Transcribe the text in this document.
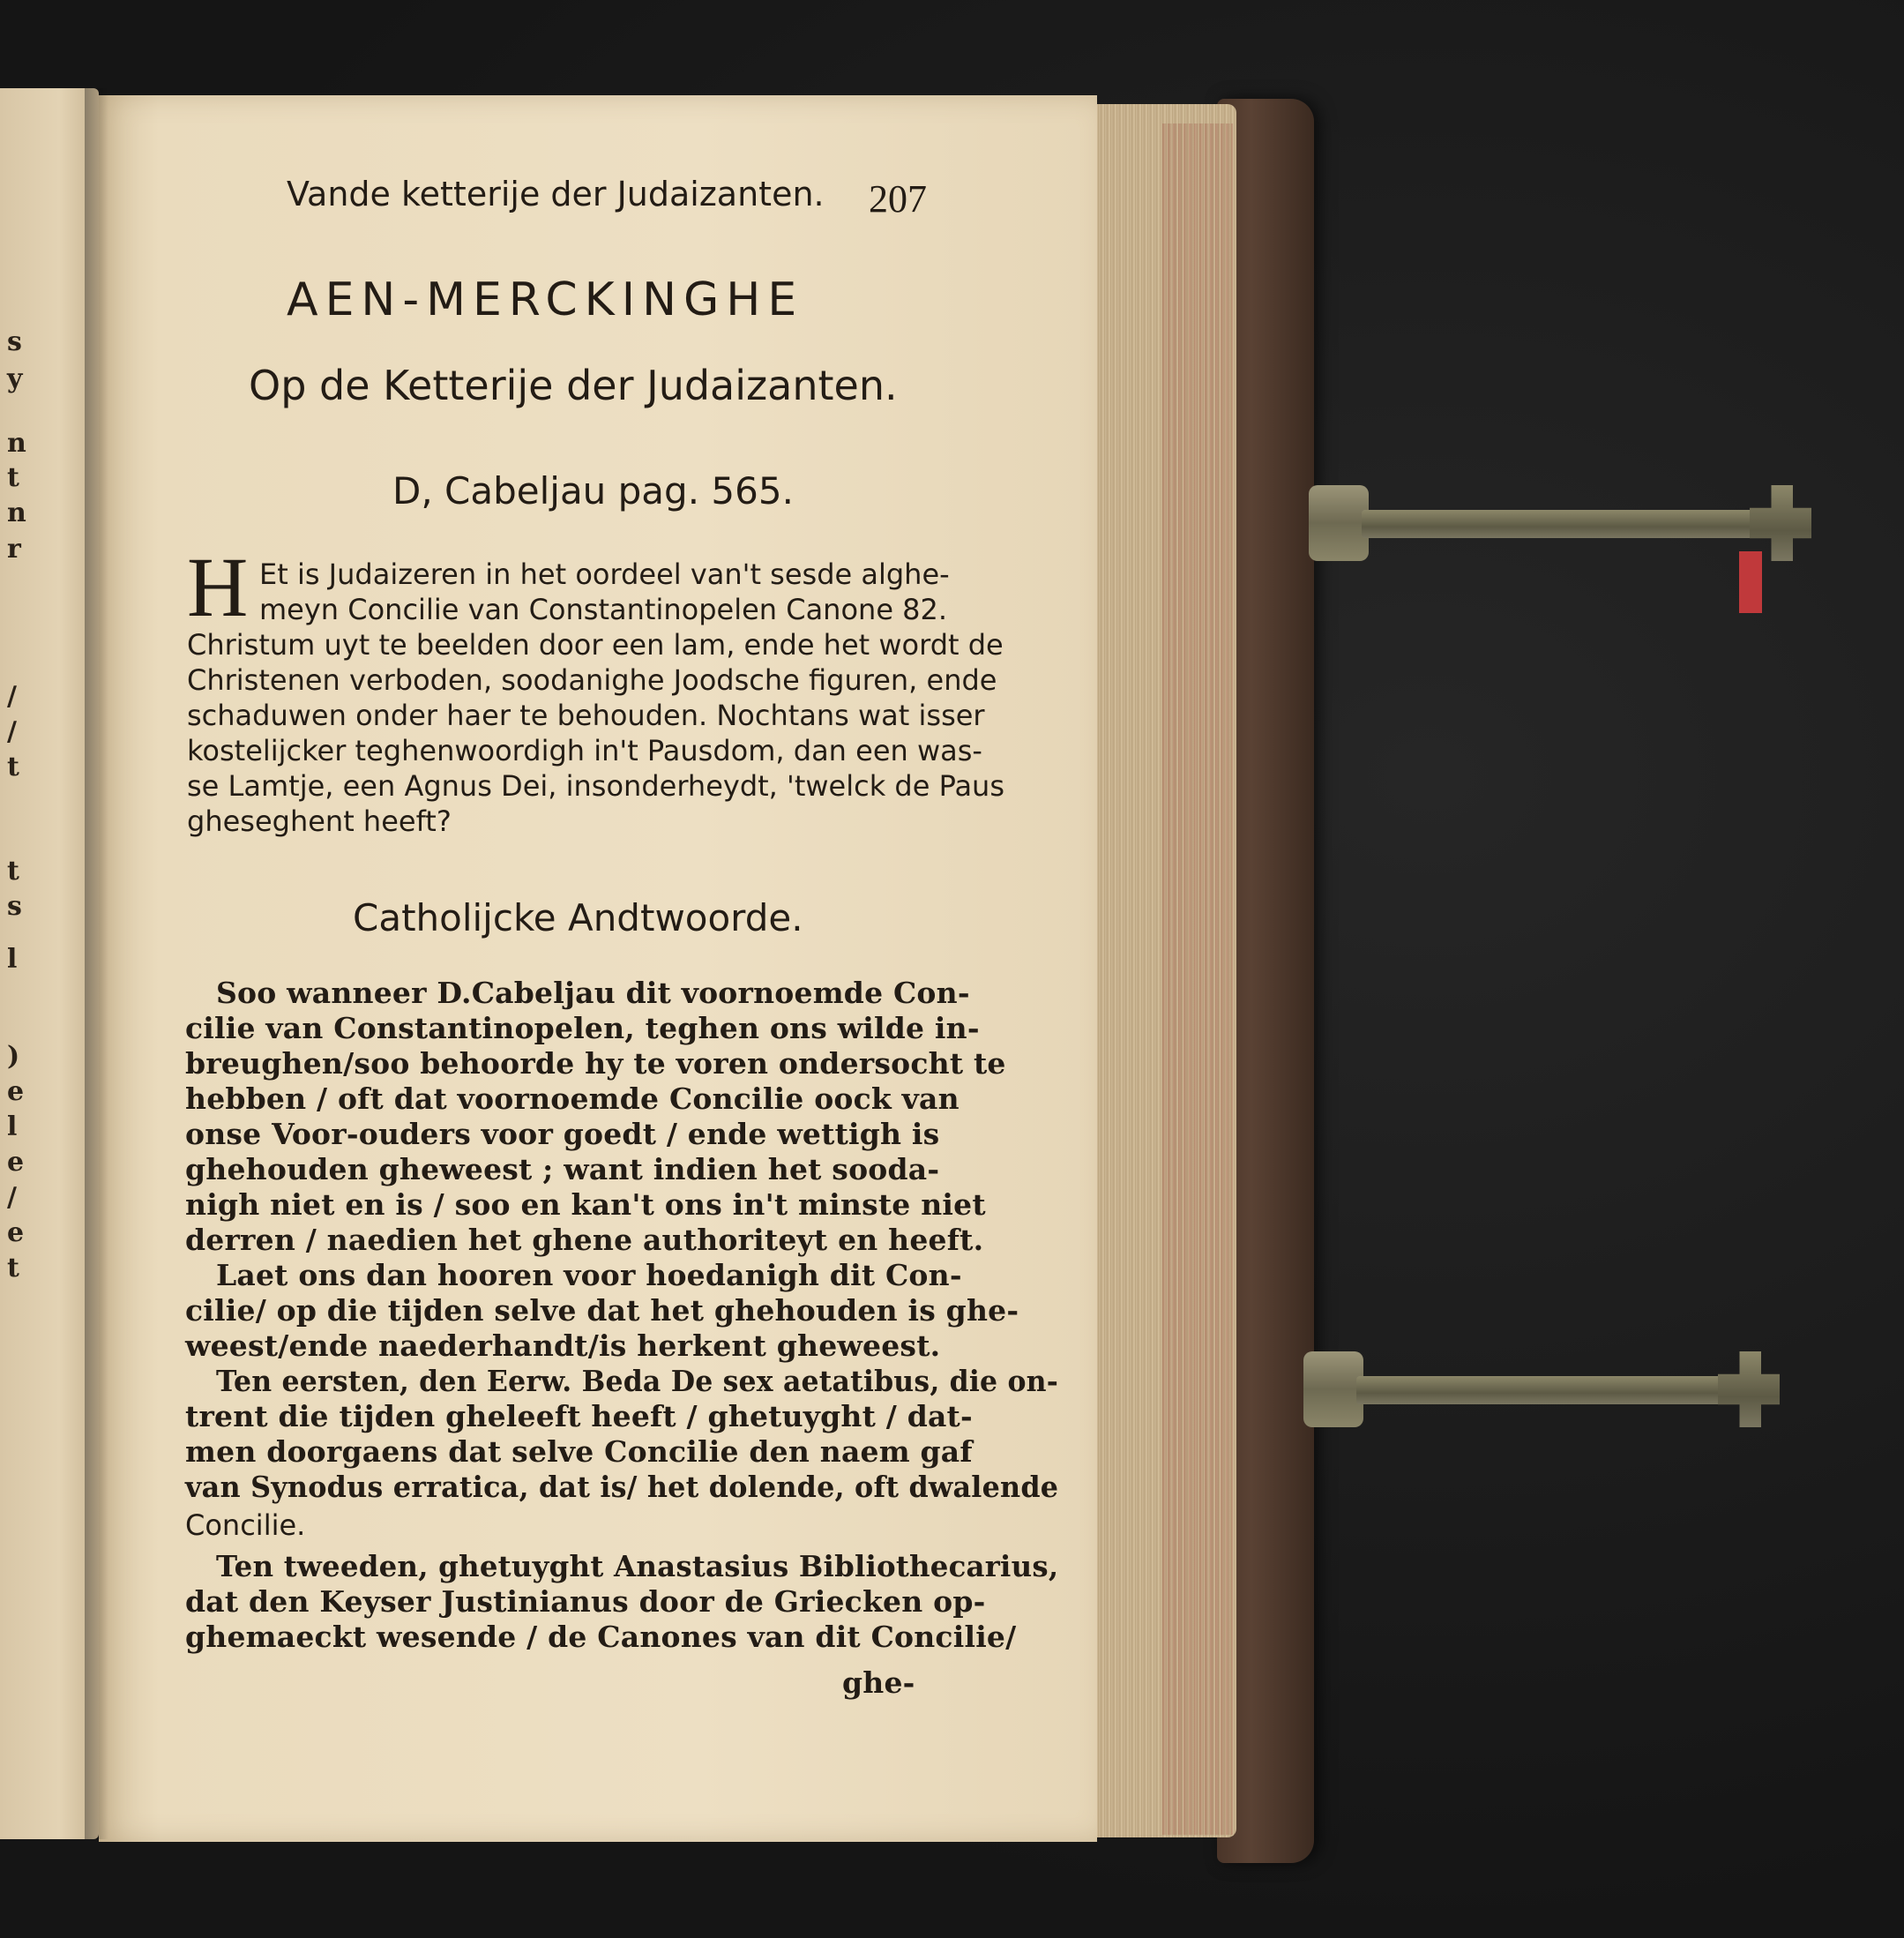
s
y
n
t
n
r
/
/
t
t
s
l
)
e
l
e
/
e
t
Vande ketterije der Judaizanten. 207
AEN-MERCKINGHE
Op de Ketterije der Judaizanten.
D, Cabeljau pag. 565.
H Et is Judaizeren in het oordeel van't sesde alghe-
meyn Concilie van Constantinopelen Canone 82.
Christum uyt te beelden door een lam, ende het wordt de
Christenen verboden, soodanighe Joodsche figuren, ende
schaduwen onder haer te behouden. Nochtans wat isser
kostelijcker teghenwoordigh in't Pausdom, dan een was-
se Lamtje, een Agnus Dei, insonderheydt, 'twelck de Paus
gheseghent heeft?
Catholijcke Andtwoorde.
Soo wanneer D.Cabeljau dit voornoemde Con-
cilie van Constantinopelen, teghen ons wilde in-
breughen/soo behoorde hy te voren ondersocht te
hebben / oft dat voornoemde Concilie oock van
onse Voor-ouders voor goedt / ende wettigh is
ghehouden gheweest ; want indien het sooda-
nigh niet en is / soo en kan't ons in't minste niet
derren / naedien het ghene authoriteyt en heeft.
Laet ons dan hooren voor hoedanigh dit Con-
cilie/ op die tijden selve dat het ghehouden is ghe-
weest/ende naederhandt/is herkent gheweest.
Ten eersten, den Eerw. Beda De sex aetatibus, die on-
trent die tijden gheleeft heeft / ghetuyght / dat-
men doorgaens dat selve Concilie den naem gaf
van Synodus erratica, dat is/ het dolende, oft dwalende
Concilie.
Ten tweeden, ghetuyght Anastasius Bibliothecarius,
dat den Keyser Justinianus door de Griecken op-
ghemaeckt wesende / de Canones van dit Concilie/
ghe-
